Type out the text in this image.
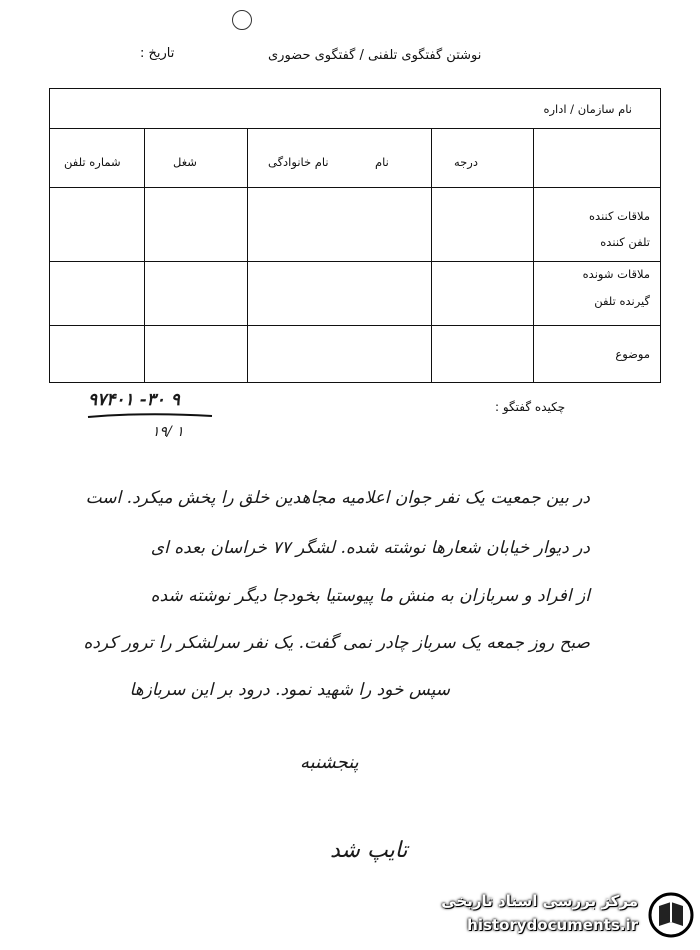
تاریخ :	نوشتن گفتگوی تلفنی / گفتگوی حضوری
نام سازمان / اداره
درجه
نام
نام خانوادگی
شغل
شماره تلفن
ملاقات کننده
تلفن کننده
ملاقات شونده
گیرنده تلفن
موضوع
چکیده گفتگو :
۹۷۴۰۱ -۳۰ ۹
۱۹/ ۱
در بین جمعیت یک نفر جوان اعلامیه مجاهدین خلق را پخش میکرد. است
در دیوار خیابان شعارها نوشته شده. لشگر ۷۷ خراسان بعده ای
از افراد و سربازان به منش ما پیوستیا بخودجا دیگر نوشته شده
صبح روز جمعه یک سرباز چادر نمی گفت. یک نفر سرلشکر را ترور کرده
سپس خود را شهید نمود. درود بر این سربازها
پنجشنبه
تایپ شد
مرکز بررسی اسناد تاریخی
historydocuments.ir
